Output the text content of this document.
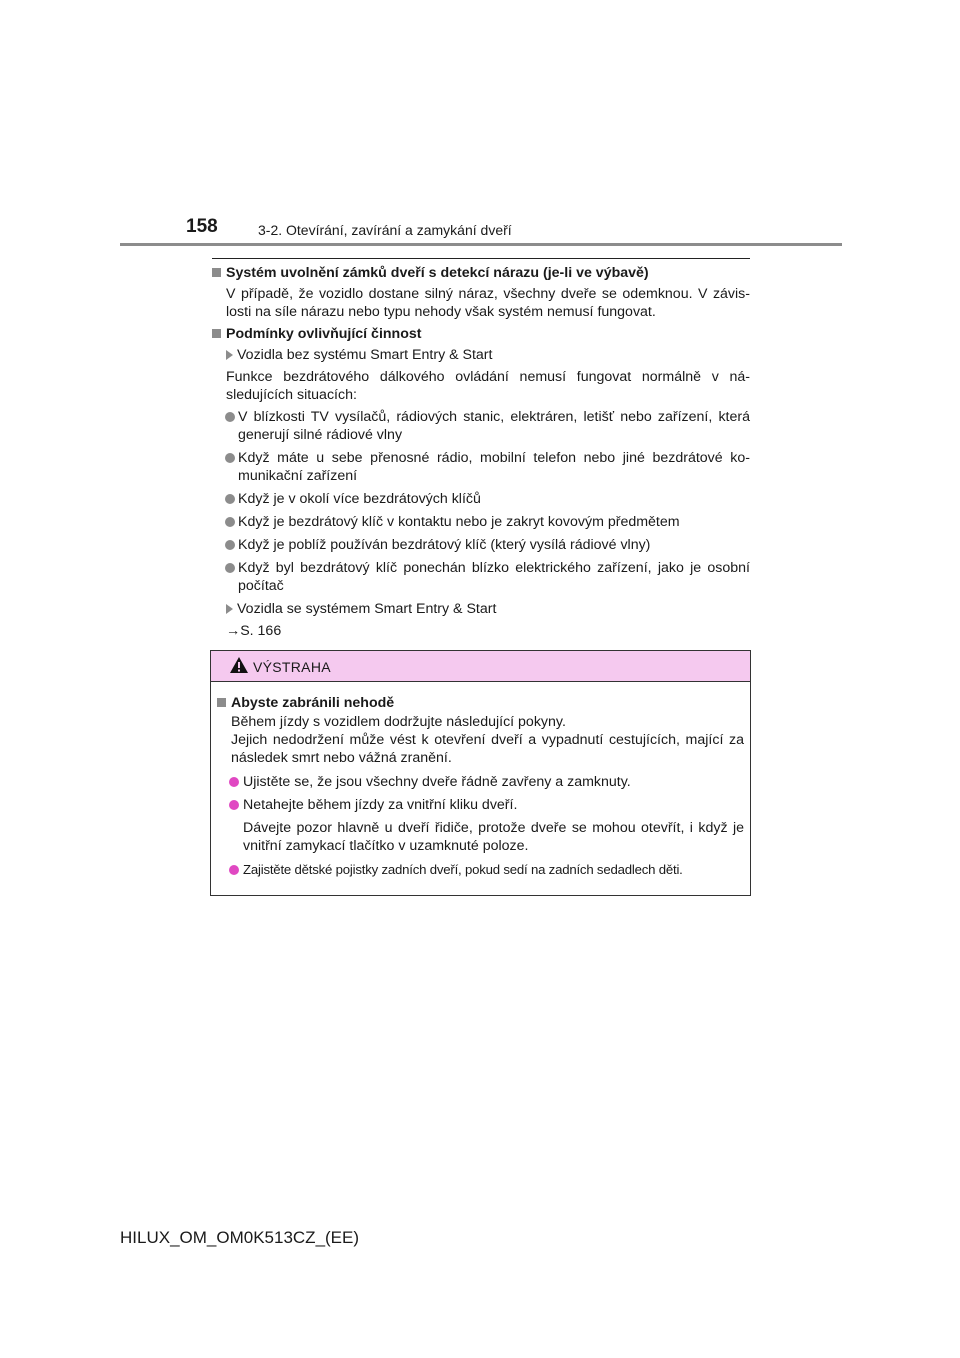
158	3-2. Otevírání, zavírání a zamykání dveří
Systém uvolnění zámků dveří s detekcí nárazu (je-li ve výbavě)
V případě, že vozidlo dostane silný náraz, všechny dveře se odemknou. V závis-losti na síle nárazu nebo typu nehody však systém nemusí fungovat.
Podmínky ovlivňující činnost
Vozidla bez systému Smart Entry & Start
Funkce bezdrátového dálkového ovládání nemusí fungovat normálně v ná-sledujících situacích:
V blízkosti TV vysílačů, rádiových stanic, elektráren, letišť nebo zařízení, která generují silné rádiové vlny
Když máte u sebe přenosné rádio, mobilní telefon nebo jiné bezdrátové ko-munikační zařízení
Když je v okolí více bezdrátových klíčů
Když je bezdrátový klíč v kontaktu nebo je zakryt kovovým předmětem
Když je poblíž používán bezdrátový klíč (který vysílá rádiové vlny)
Když byl bezdrátový klíč ponechán blízko elektrického zařízení, jako je osobní počítač
Vozidla se systémem Smart Entry & Start
→S. 166
VÝSTRAHA
Abyste zabránili nehodě
Během jízdy s vozidlem dodržujte následující pokyny.
Jejich nedodržení může vést k otevření dveří a vypadnutí cestujících, mající za následek smrt nebo vážná zranění.
Ujistěte se, že jsou všechny dveře řádně zavřeny a zamknuty.
Netahejte během jízdy za vnitřní kliku dveří.
Dávejte pozor hlavně u dveří řidiče, protože dveře se mohou otevřít, i když je vnitřní zamykací tlačítko v uzamknuté poloze.
Zajistěte dětské pojistky zadních dveří, pokud sedí na zadních sedadlech děti.
HILUX_OM_OM0K513CZ_(EE)
